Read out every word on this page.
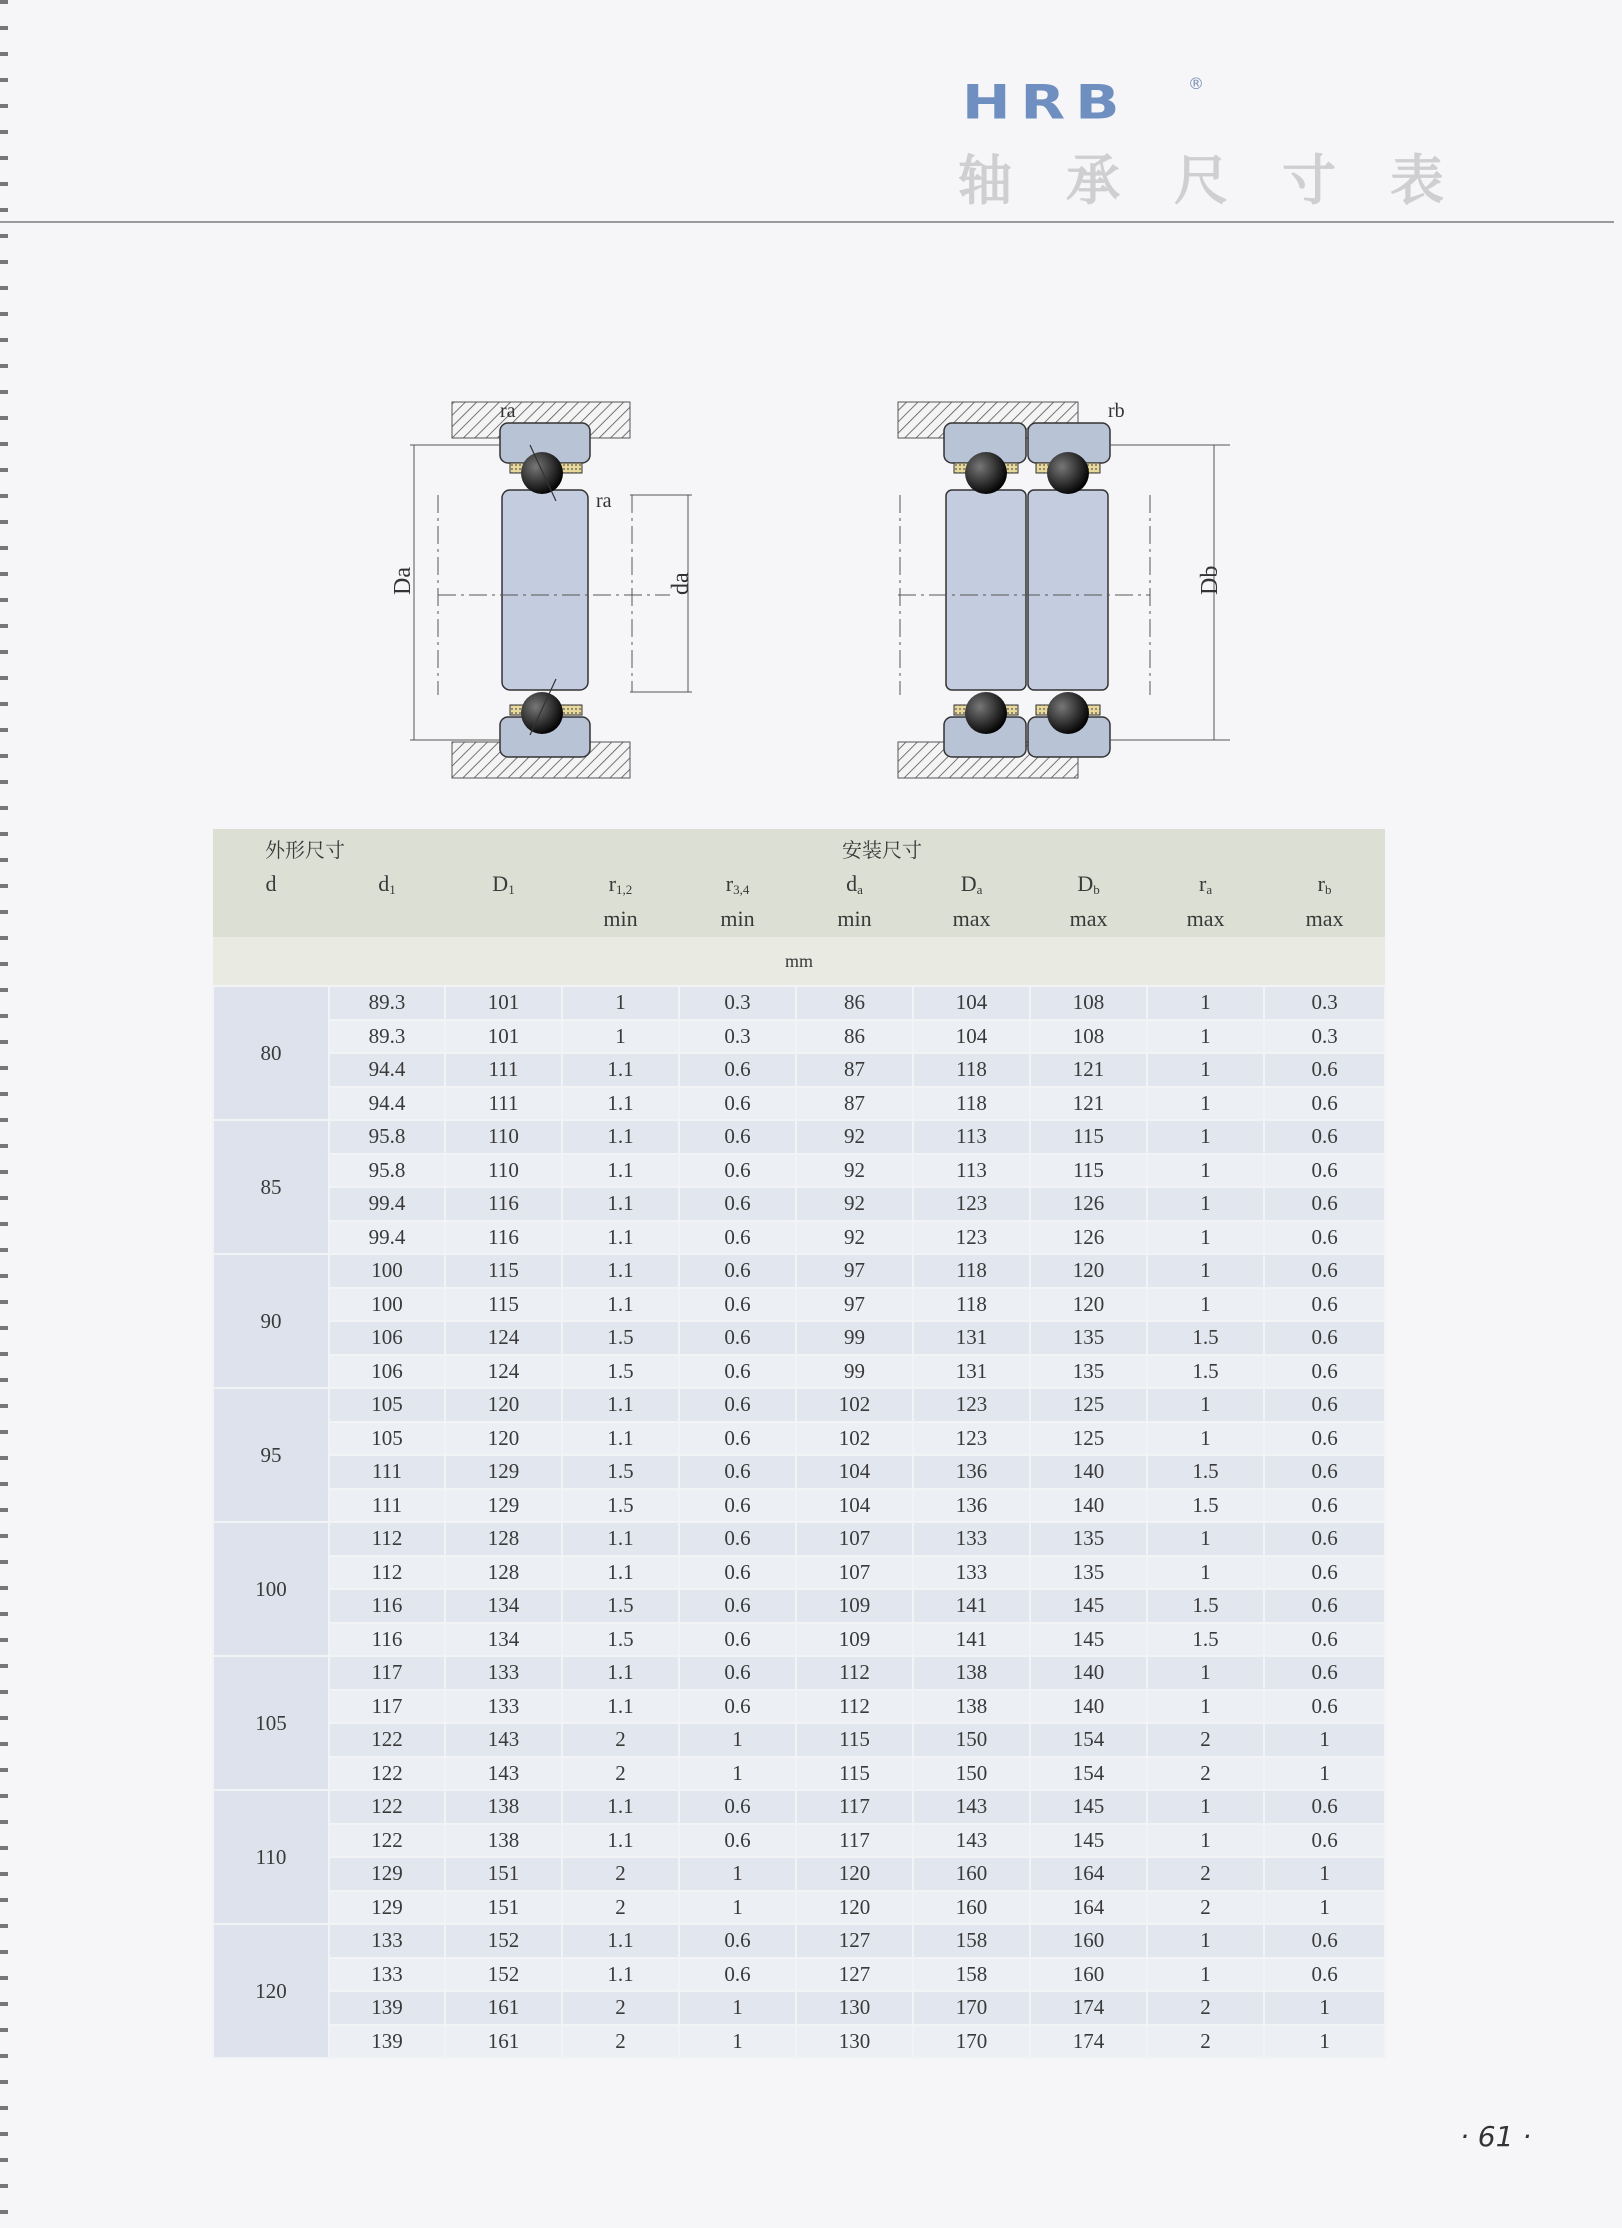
HRB	®
轴承尺寸表
Da	da
ra
ra
Db
rb
外形尺寸					安装尺寸				
d	$d_1$	$D_1$	$r_{1,2}$	$r_{3,4}$	$d_a$	$D_a$	$D_b$	$r_a$	$r_b$
			min	min	min	max	max	max	max
mm									
80	89.3	101	1	0.3	86	104	108	1	0.3
	89.3	101	1	0.3	86	104	108	1	0.3
	94.4	111	1.1	0.6	87	118	121	1	0.6
	94.4	111	1.1	0.6	87	118	121	1	0.6
85	95.8	110	1.1	0.6	92	113	115	1	0.6
	95.8	110	1.1	0.6	92	113	115	1	0.6
	99.4	116	1.1	0.6	92	123	126	1	0.6
	99.4	116	1.1	0.6	92	123	126	1	0.6
90	100	115	1.1	0.6	97	118	120	1	0.6
	100	115	1.1	0.6	97	118	120	1	0.6
	106	124	1.5	0.6	99	131	135	1.5	0.6
	106	124	1.5	0.6	99	131	135	1.5	0.6
95	105	120	1.1	0.6	102	123	125	1	0.6
	105	120	1.1	0.6	102	123	125	1	0.6
	111	129	1.5	0.6	104	136	140	1.5	0.6
	111	129	1.5	0.6	104	136	140	1.5	0.6
100	112	128	1.1	0.6	107	133	135	1	0.6
	112	128	1.1	0.6	107	133	135	1	0.6
	116	134	1.5	0.6	109	141	145	1.5	0.6
	116	134	1.5	0.6	109	141	145	1.5	0.6
105	117	133	1.1	0.6	112	138	140	1	0.6
	117	133	1.1	0.6	112	138	140	1	0.6
	122	143	2	1	115	150	154	2	1
	122	143	2	1	115	150	154	2	1
110	122	138	1.1	0.6	117	143	145	1	0.6
	122	138	1.1	0.6	117	143	145	1	0.6
	129	151	2	1	120	160	164	2	1
	129	151	2	1	120	160	164	2	1
120	133	152	1.1	0.6	127	158	160	1	0.6
	133	152	1.1	0.6	127	158	160	1	0.6
	139	161	2	1	130	170	174	2	1
	139	161	2	1	130	170	174	2	1
· 61 ·
